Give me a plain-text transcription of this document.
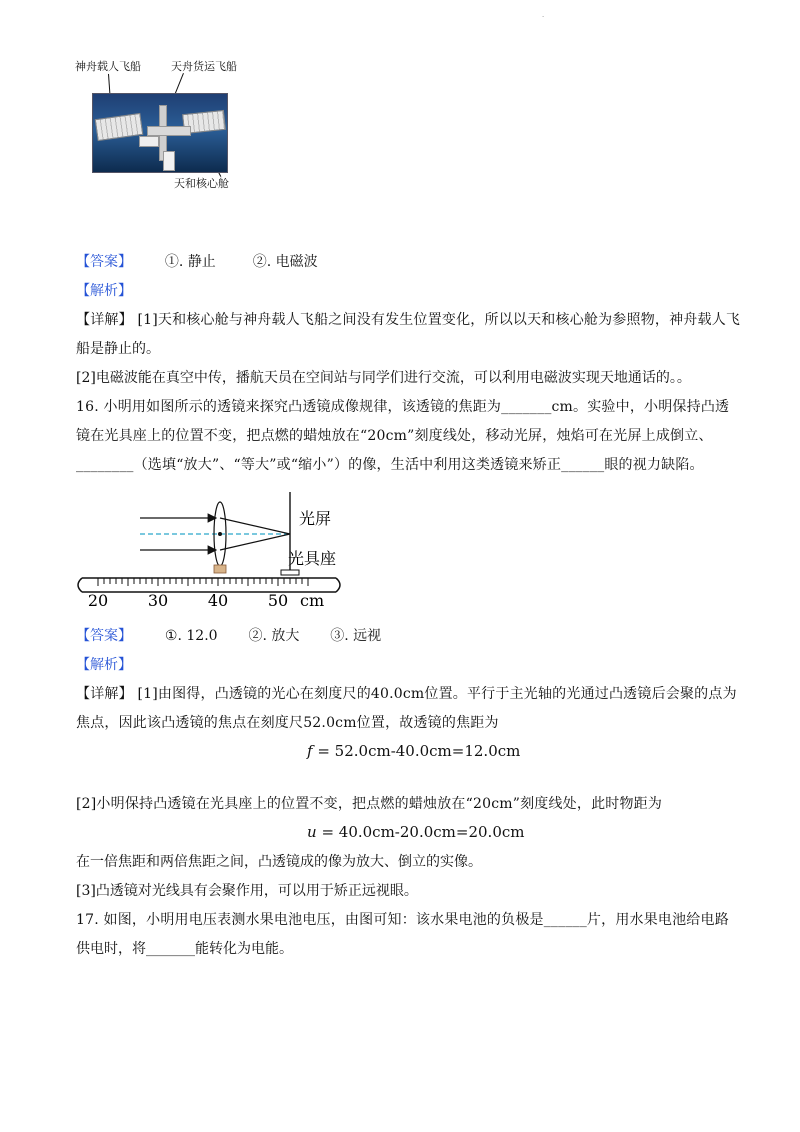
·
神舟载人飞船	天舟货运飞船
天和核心舱
【答案】 ①. 静止	②. 电磁波
【解析】
【详解】 [1]天和核心舱与神舟载人飞船之间没有发生位置变化，所以以天和核心舱为参照物，神舟载人飞
船是静止的。
[2]电磁波能在真空中传，播航天员在空间站与同学们进行交流，可以利用电磁波实现天地通话的。。
16. 小明用如图所示的透镜来探究凸透镜成像规律，该透镜的焦距为_______cm。实验中，小明保持凸透
镜在光具座上的位置不变，把点燃的蜡烛放在“20cm”刻度线处，移动光屏，烛焰可在光屏上成倒立、
________（选填“放大”、“等大”或“缩小”）的像，生活中利用这类透镜来矫正______眼的视力缺陷。
光屏
光具座
20 30 40 50 cm
【答案】 ①. 12.0 ②. 放大 ③. 远视
【解析】
【详解】 [1]由图得，凸透镜的光心在刻度尺的40.0cm位置。平行于主光轴的光通过凸透镜后会聚的点为
焦点，因此该凸透镜的焦点在刻度尺52.0cm位置，故透镜的焦距为
f = 52.0cm-40.0cm=12.0cm
[2]小明保持凸透镜在光具座上的位置不变，把点燃的蜡烛放在“20cm”刻度线处，此时物距为
u = 40.0cm-20.0cm=20.0cm
在一倍焦距和两倍焦距之间，凸透镜成的像为放大、倒立的实像。
[3]凸透镜对光线具有会聚作用，可以用于矫正远视眼。
17. 如图，小明用电压表测水果电池电压，由图可知：该水果电池的负极是______片，用水果电池给电路
供电时，将_______能转化为电能。
